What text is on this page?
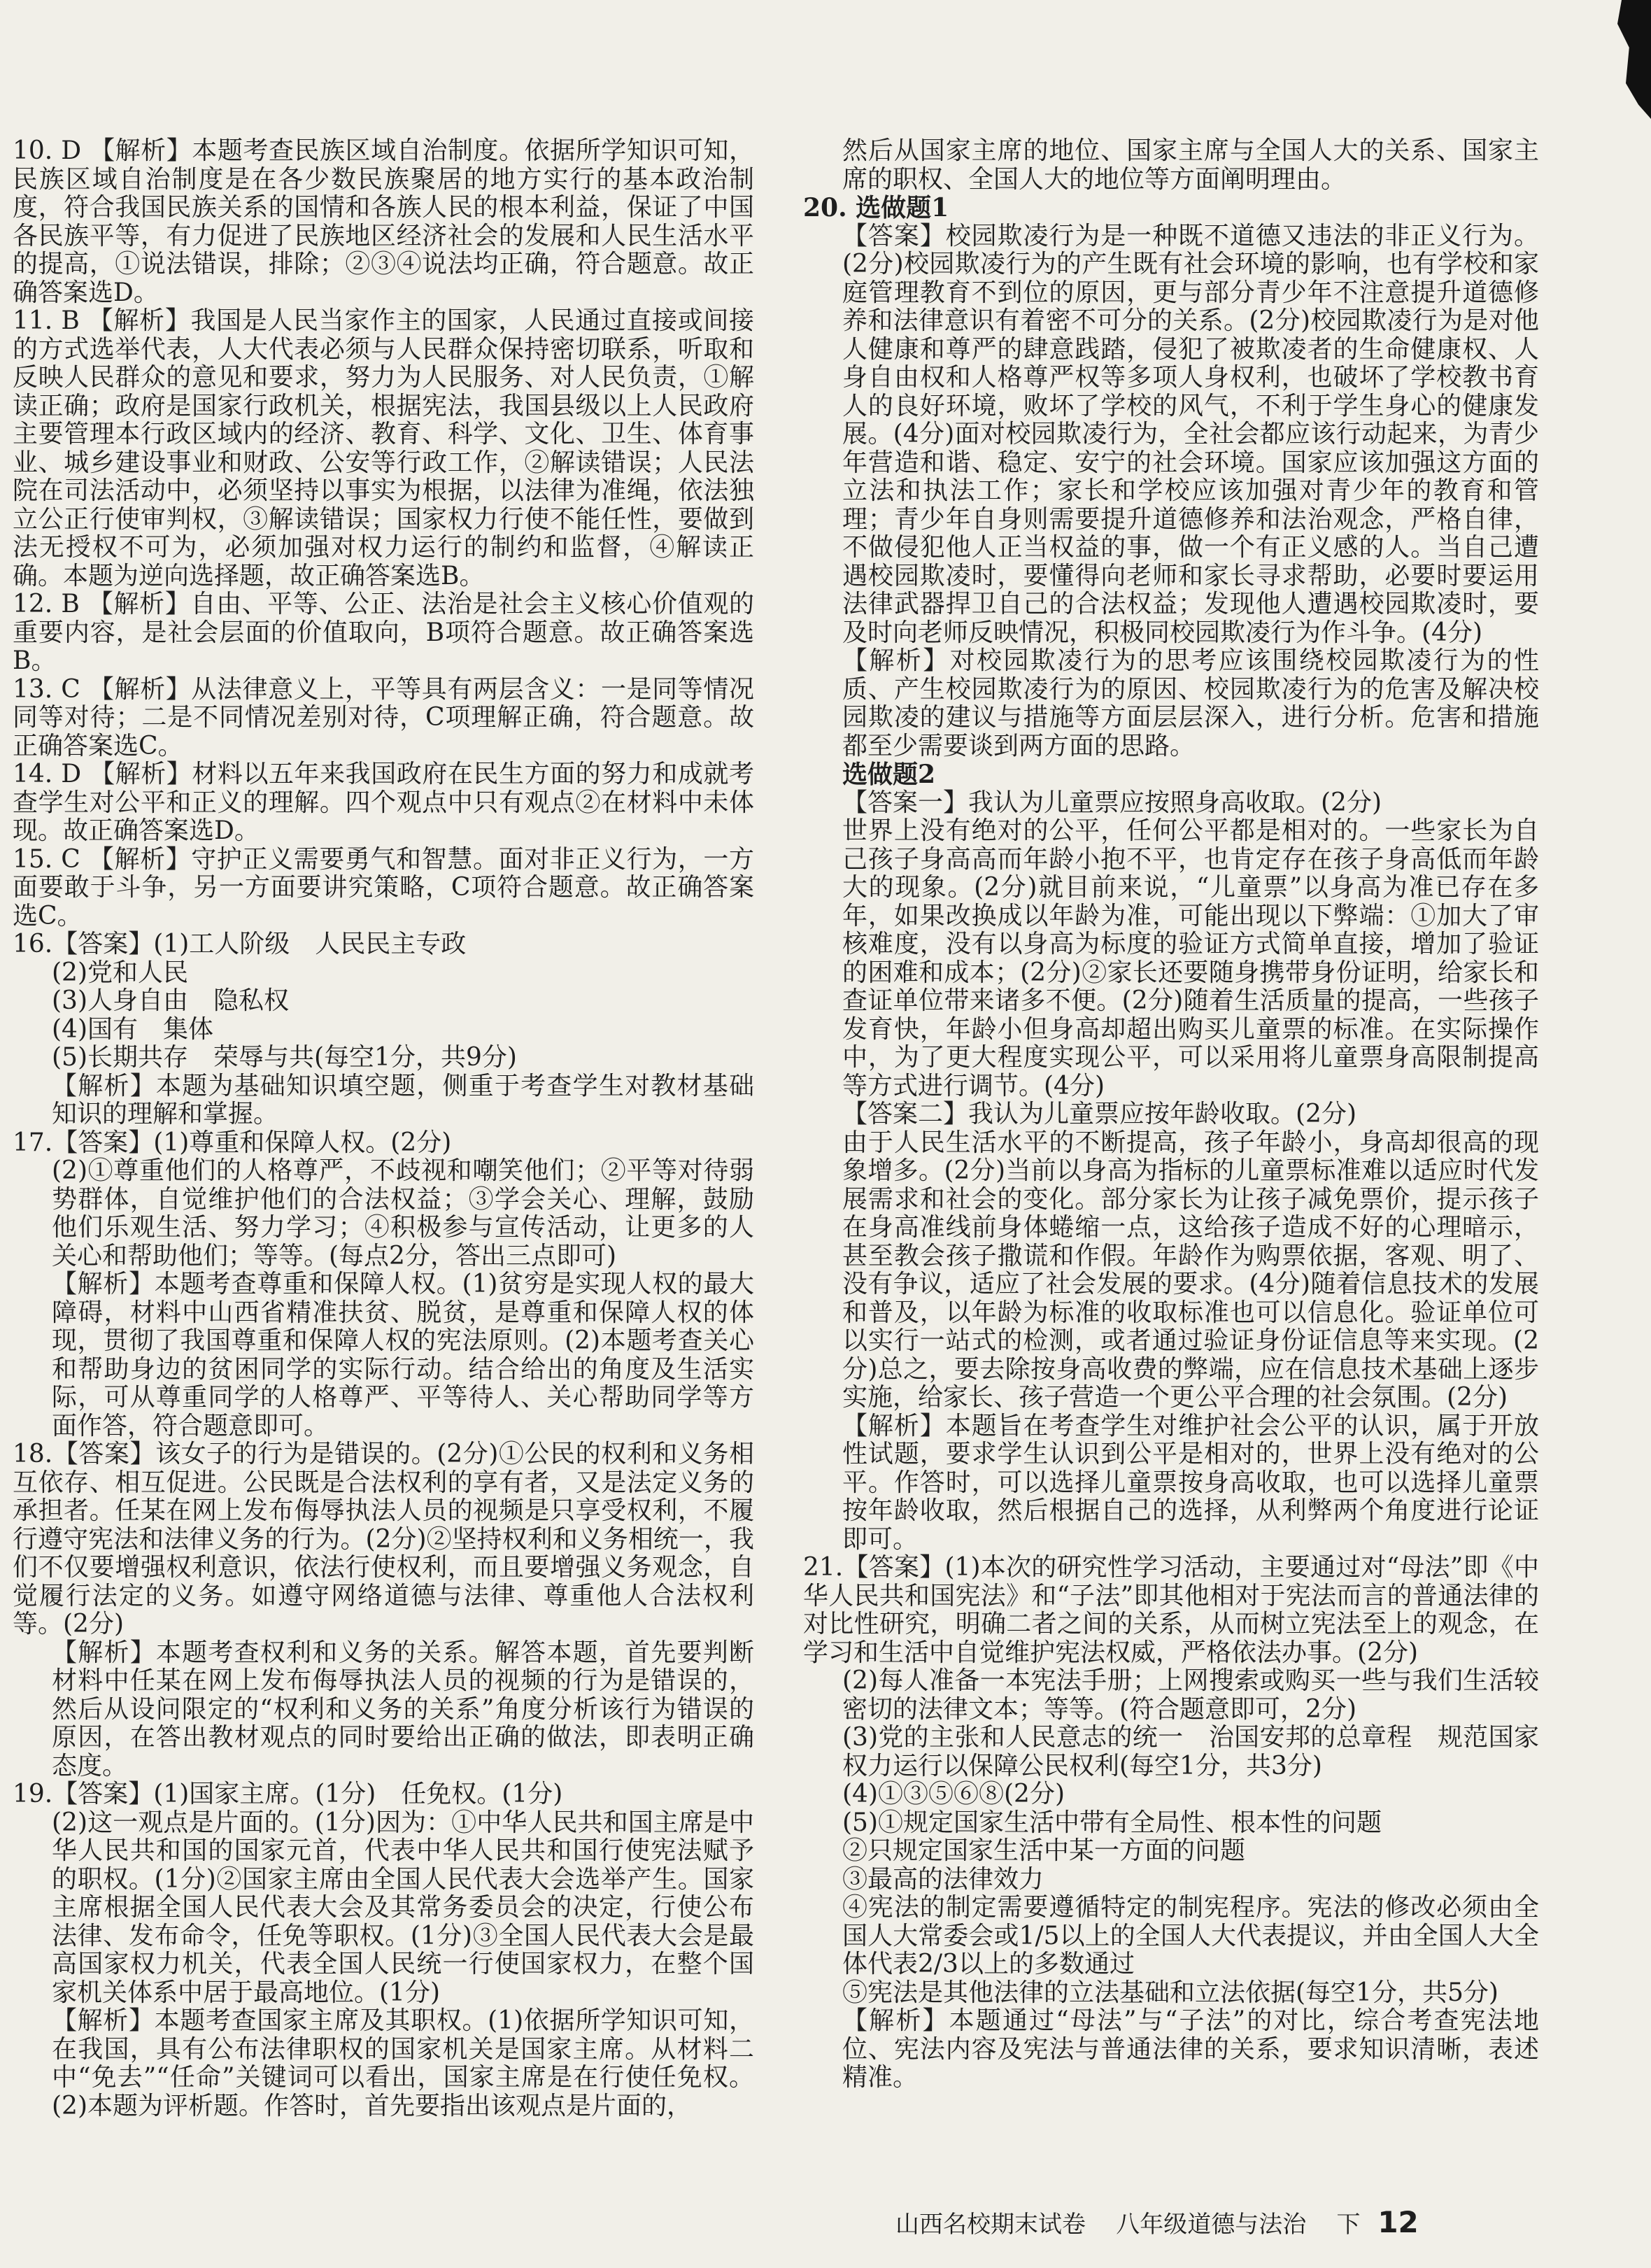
10. D 【解析】本题考查民族区域自治制度。依据所学知识可知，民族区域自治制度是在各少数民族聚居的地方实行的基本政治制度，符合我国民族关系的国情和各族人民的根本利益，保证了中国各民族平等，有力促进了民族地区经济社会的发展和人民生活水平的提高，①说法错误，排除；②③④说法均正确，符合题意。故正确答案选D。

11. B 【解析】我国是人民当家作主的国家，人民通过直接或间接的方式选举代表，人大代表必须与人民群众保持密切联系，听取和反映人民群众的意见和要求，努力为人民服务、对人民负责，①解读正确；政府是国家行政机关，根据宪法，我国县级以上人民政府主要管理本行政区域内的经济、教育、科学、文化、卫生、体育事业、城乡建设事业和财政、公安等行政工作，②解读错误；人民法院在司法活动中，必须坚持以事实为根据，以法律为准绳，依法独立公正行使审判权，③解读错误；国家权力行使不能任性，要做到法无授权不可为，必须加强对权力运行的制约和监督，④解读正确。本题为逆向选择题，故正确答案选B。

12. B 【解析】自由、平等、公正、法治是社会主义核心价值观的重要内容，是社会层面的价值取向，B项符合题意。故正确答案选B。

13. C 【解析】从法律意义上，平等具有两层含义：一是同等情况同等对待；二是不同情况差别对待，C项理解正确，符合题意。故正确答案选C。

14. D 【解析】材料以五年来我国政府在民生方面的努力和成就考查学生对公平和正义的理解。四个观点中只有观点②在材料中未体现。故正确答案选D。

15. C 【解析】守护正义需要勇气和智慧。面对非正义行为，一方面要敢于斗争，另一方面要讲究策略，C项符合题意。故正确答案选C。

16.【答案】(1)工人阶级　人民民主专政

(2)党和人民

(3)人身自由　隐私权

(4)国有　集体

(5)长期共存　荣辱与共(每空1分，共9分)

【解析】本题为基础知识填空题，侧重于考查学生对教材基础知识的理解和掌握。

17.【答案】(1)尊重和保障人权。(2分)

(2)①尊重他们的人格尊严，不歧视和嘲笑他们；②平等对待弱势群体，自觉维护他们的合法权益；③学会关心、理解，鼓励他们乐观生活、努力学习；④积极参与宣传活动，让更多的人关心和帮助他们；等等。(每点2分，答出三点即可)

【解析】本题考查尊重和保障人权。(1)贫穷是实现人权的最大障碍，材料中山西省精准扶贫、脱贫，是尊重和保障人权的体现，贯彻了我国尊重和保障人权的宪法原则。(2)本题考查关心和帮助身边的贫困同学的实际行动。结合给出的角度及生活实际，可从尊重同学的人格尊严、平等待人、关心帮助同学等方面作答，符合题意即可。

18.【答案】该女子的行为是错误的。(2分)①公民的权利和义务相互依存、相互促进。公民既是合法权利的享有者，又是法定义务的承担者。任某在网上发布侮辱执法人员的视频是只享受权利，不履行遵守宪法和法律义务的行为。(2分)②坚持权利和义务相统一，我们不仅要增强权利意识，依法行使权利，而且要增强义务观念，自觉履行法定的义务。如遵守网络道德与法律、尊重他人合法权利等。(2分)

【解析】本题考查权利和义务的关系。解答本题，首先要判断材料中任某在网上发布侮辱执法人员的视频的行为是错误的，然后从设问限定的“权利和义务的关系”角度分析该行为错误的原因，在答出教材观点的同时要给出正确的做法，即表明正确态度。

19.【答案】(1)国家主席。(1分)　任免权。(1分)

(2)这一观点是片面的。(1分)因为：①中华人民共和国主席是中华人民共和国的国家元首，代表中华人民共和国行使宪法赋予的职权。(1分)②国家主席由全国人民代表大会选举产生。国家主席根据全国人民代表大会及其常务委员会的决定，行使公布法律、发布命令，任免等职权。(1分)③全国人民代表大会是最高国家权力机关，代表全国人民统一行使国家权力，在整个国家机关体系中居于最高地位。(1分)

【解析】本题考查国家主席及其职权。(1)依据所学知识可知，在我国，具有公布法律职权的国家机关是国家主席。从材料二中“免去”“任命”关键词可以看出，国家主席是在行使任免权。(2)本题为评析题。作答时，首先要指出该观点是片面的，

然后从国家主席的地位、国家主席与全国人大的关系、国家主席的职权、全国人大的地位等方面阐明理由。

20. 选做题1

【答案】校园欺凌行为是一种既不道德又违法的非正义行为。(2分)校园欺凌行为的产生既有社会环境的影响，也有学校和家庭管理教育不到位的原因，更与部分青少年不注意提升道德修养和法律意识有着密不可分的关系。(2分)校园欺凌行为是对他人健康和尊严的肆意践踏，侵犯了被欺凌者的生命健康权、人身自由权和人格尊严权等多项人身权利，也破坏了学校教书育人的良好环境，败坏了学校的风气，不利于学生身心的健康发展。(4分)面对校园欺凌行为，全社会都应该行动起来，为青少年营造和谐、稳定、安宁的社会环境。国家应该加强这方面的立法和执法工作；家长和学校应该加强对青少年的教育和管理；青少年自身则需要提升道德修养和法治观念，严格自律，不做侵犯他人正当权益的事，做一个有正义感的人。当自己遭遇校园欺凌时，要懂得向老师和家长寻求帮助，必要时要运用法律武器捍卫自己的合法权益；发现他人遭遇校园欺凌时，要及时向老师反映情况，积极同校园欺凌行为作斗争。(4分)

【解析】对校园欺凌行为的思考应该围绕校园欺凌行为的性质、产生校园欺凌行为的原因、校园欺凌行为的危害及解决校园欺凌的建议与措施等方面层层深入，进行分析。危害和措施都至少需要谈到两方面的思路。

选做题2

【答案一】我认为儿童票应按照身高收取。(2分)

世界上没有绝对的公平，任何公平都是相对的。一些家长为自己孩子身高高而年龄小抱不平，也肯定存在孩子身高低而年龄大的现象。(2分)就目前来说，“儿童票”以身高为准已存在多年，如果改换成以年龄为准，可能出现以下弊端：①加大了审核难度，没有以身高为标度的验证方式简单直接，增加了验证的困难和成本；(2分)②家长还要随身携带身份证明，给家长和查证单位带来诸多不便。(2分)随着生活质量的提高，一些孩子发育快，年龄小但身高却超出购买儿童票的标准。在实际操作中，为了更大程度实现公平，可以采用将儿童票身高限制提高等方式进行调节。(4分)

【答案二】我认为儿童票应按年龄收取。(2分)

由于人民生活水平的不断提高，孩子年龄小，身高却很高的现象增多。(2分)当前以身高为指标的儿童票标准难以适应时代发展需求和社会的变化。部分家长为让孩子减免票价，提示孩子在身高准线前身体蜷缩一点，这给孩子造成不好的心理暗示，甚至教会孩子撒谎和作假。年龄作为购票依据，客观、明了、没有争议，适应了社会发展的要求。(4分)随着信息技术的发展和普及，以年龄为标准的收取标准也可以信息化。验证单位可以实行一站式的检测，或者通过验证身份证信息等来实现。(2分)总之，要去除按身高收费的弊端，应在信息技术基础上逐步实施，给家长、孩子营造一个更公平合理的社会氛围。(2分)

【解析】本题旨在考查学生对维护社会公平的认识，属于开放性试题，要求学生认识到公平是相对的，世界上没有绝对的公平。作答时，可以选择儿童票按身高收取，也可以选择儿童票按年龄收取，然后根据自己的选择，从利弊两个角度进行论证即可。

21.【答案】(1)本次的研究性学习活动，主要通过对“母法”即《中华人民共和国宪法》和“子法”即其他相对于宪法而言的普通法律的对比性研究，明确二者之间的关系，从而树立宪法至上的观念，在学习和生活中自觉维护宪法权威，严格依法办事。(2分)

(2)每人准备一本宪法手册；上网搜索或购买一些与我们生活较密切的法律文本；等等。(符合题意即可，2分)

(3)党的主张和人民意志的统一　治国安邦的总章程　规范国家权力运行以保障公民权利(每空1分，共3分)

(4)①③⑤⑥⑧(2分)

(5)①规定国家生活中带有全局性、根本性的问题

②只规定国家生活中某一方面的问题

③最高的法律效力

④宪法的制定需要遵循特定的制宪程序。宪法的修改必须由全国人大常委会或1/5以上的全国人大代表提议，并由全国人大全体代表2/3以上的多数通过

⑤宪法是其他法律的立法基础和立法依据(每空1分，共5分)

【解析】本题通过“母法”与“子法”的对比，综合考查宪法地位、宪法内容及宪法与普通法律的关系，要求知识清晰，表述精准。

山西名校期末试卷 八年级道德与法治 下 12
